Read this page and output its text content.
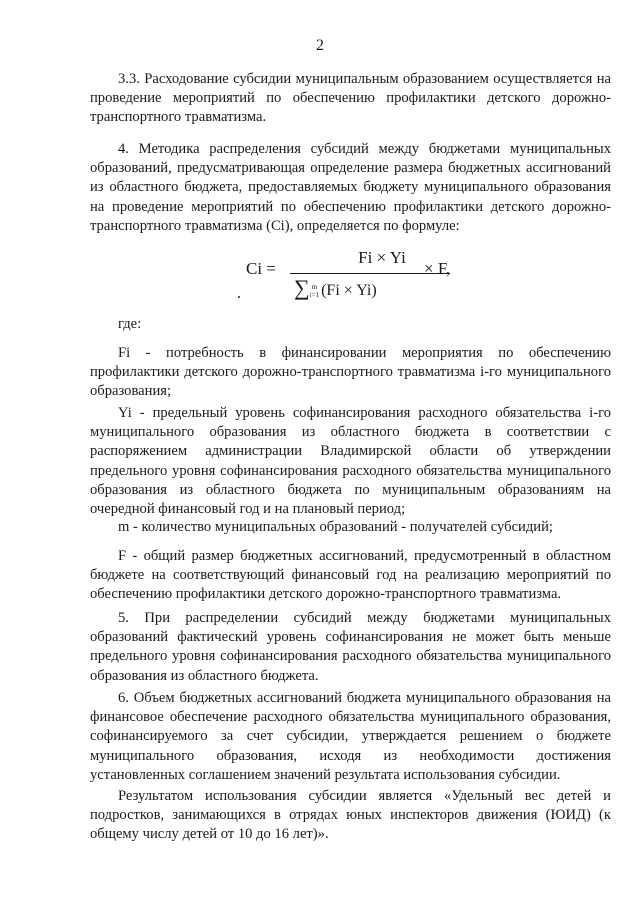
2

3.3. Расходование субсидии муниципальным образованием осуществляется на проведение мероприятий по обеспечению профилактики детского дорожно-транспортного травматизма.

4. Методика распределения субсидий между бюджетами муниципальных образований, предусматривающая определение размера бюджетных ассигнований из областного бюджета, предоставляемых бюджету муниципального образования на проведение мероприятий по обеспечению профилактики детского дорожно-транспортного травматизма (Ci), определяется по формуле:

Ci =
Fi × Yi
∑ m
i=1 (Fi × Yi)
× F,

где:

Fi - потребность в финансировании мероприятия по обеспечению профилактики детского дорожно-транспортного травматизма i-го муниципального образования;

Yi - предельный уровень софинансирования расходного обязательства i-го муниципального образования из областного бюджета в соответствии с распоряжением администрации Владимирской области об утверждении предельного уровня софинансирования расходного обязательства муниципального образования из областного бюджета по муниципальным образованиям на очередной финансовый год и на плановый период;

m - количество муниципальных образований - получателей субсидий;

F - общий размер бюджетных ассигнований, предусмотренный в областном бюджете на соответствующий финансовый год на реализацию мероприятий по обеспечению профилактики детского дорожно-транспортного травматизма.

5. При распределении субсидий между бюджетами муниципальных образований фактический уровень софинансирования не может быть меньше предельного уровня софинансирования расходного обязательства муниципального образования из областного бюджета.

6. Объем бюджетных ассигнований бюджета муниципального образования на финансовое обеспечение расходного обязательства муниципального образования, софинансируемого за счет субсидии, утверждается решением о бюджете муниципального образования, исходя из необходимости достижения установленных соглашением значений результата использования субсидии.

Результатом использования субсидии является «Удельный вес детей и подростков, занимающихся в отрядах юных инспекторов движения (ЮИД) (к общему числу детей от 10 до 16 лет)».
